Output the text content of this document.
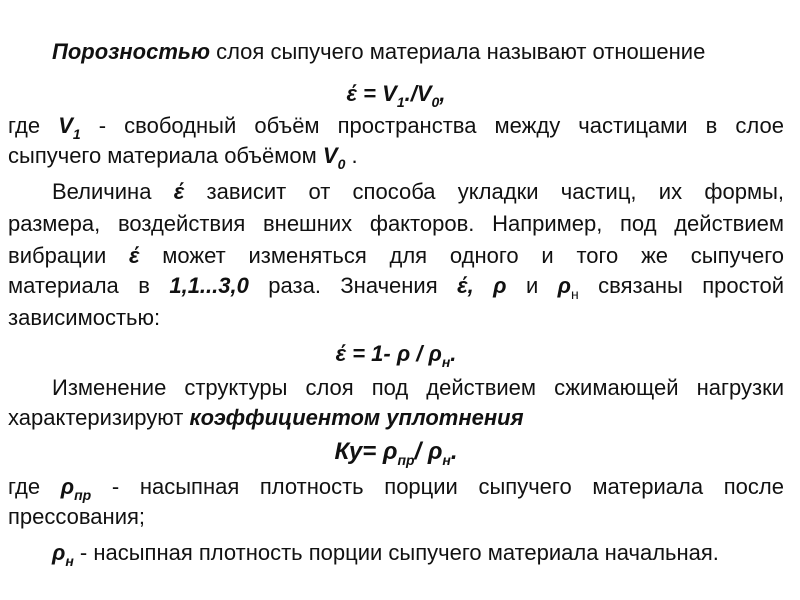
Порозностью слоя сыпучего материала называют отношение
$έ = V_1./V_0$,
где $V_1$ - свободный объём пространства между частицами в слое
сыпучего материала объёмом $V_0$ .
Величина έ зависит от способа укладки частиц, их формы,
размера, воздействия внешних факторов. Например, под действием
вибрации έ может изменяться для одного и того же сыпучего
материала в 1,1...3,0 раза. Значения έ, ρ и $\rho_н$ связаны простой
зависимостью:
έ = 1- ρ / $\rho_н$.
Изменение структуры слоя под действием сжимающей нагрузки
характеризируют коэффициентом уплотнения
$Ку= \rho_{пр}/$ $\rho_н$.
где $\rho_{пр}$ - насыпная плотность порции сыпучего материала после
прессования;
$\rho_н$ - насыпная плотность порции сыпучего материала начальная.
